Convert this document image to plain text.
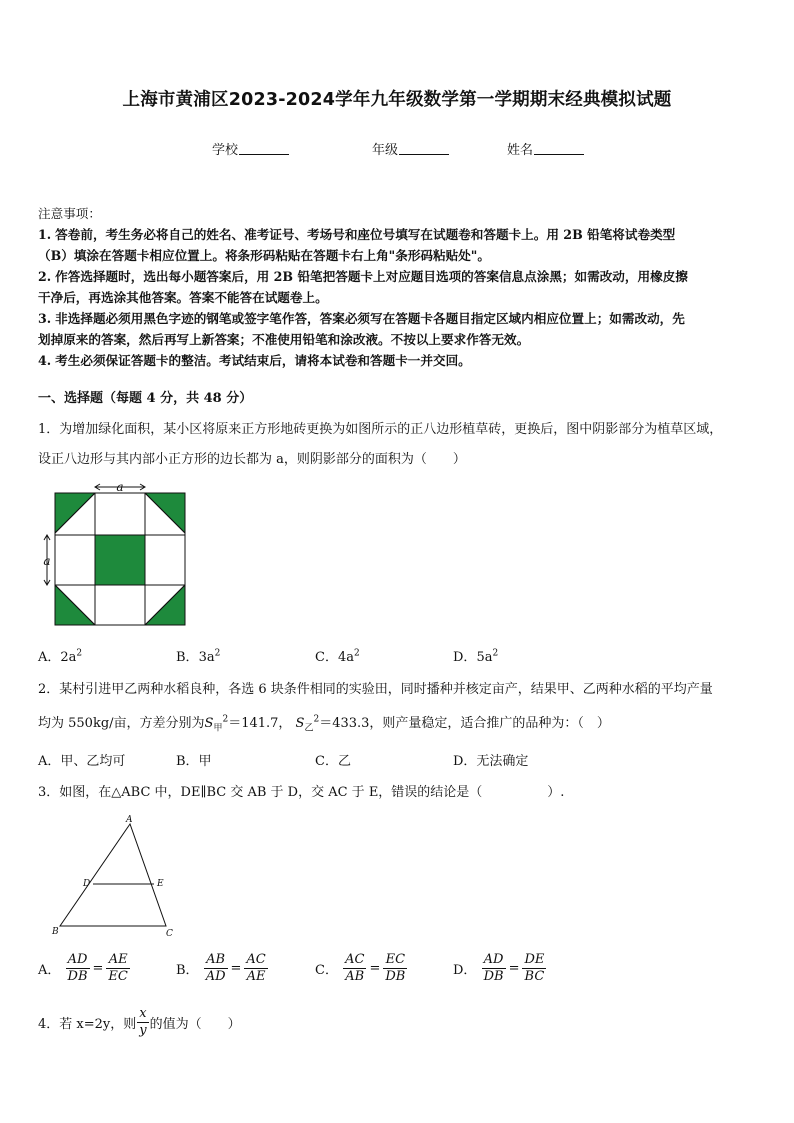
上海市黄浦区2023-2024学年九年级数学第一学期期末经典模拟试题
学校	年级	姓名
注意事项：
1. 答卷前，考生务必将自己的姓名、准考证号、考场号和座位号填写在试题卷和答题卡上。用 2B 铅笔将试卷类型
（B）填涂在答题卡相应位置上。将条形码粘贴在答题卡右上角"条形码粘贴处"。
2. 作答选择题时，选出每小题答案后，用 2B 铅笔把答题卡上对应题目选项的答案信息点涂黑；如需改动，用橡皮擦
干净后，再选涂其他答案。答案不能答在试题卷上。
3. 非选择题必须用黑色字迹的钢笔或签字笔作答，答案必须写在答题卡各题目指定区域内相应位置上；如需改动，先
划掉原来的答案，然后再写上新答案；不准使用铅笔和涂改液。不按以上要求作答无效。
4. 考生必须保证答题卡的整洁。考试结束后，请将本试卷和答题卡一并交回。
一、选择题（每题 4 分，共 48 分）
1．为增加绿化面积，某小区将原来正方形地砖更换为如图所示的正八边形植草砖，更换后，图中阴影部分为植草区域，
设正八边形与其内部小正方形的边长都为 a，则阴影部分的面积为（　　）
a
a
A．$2a^2$	B．$3a^2$	C．$4a^2$	D．$5a^2$
2．某村引进甲乙两种水稻良种，各选 6 块条件相同的实验田，同时播种并核定亩产，结果甲、乙两种水稻的平均产量
均为 550kg/亩，方差分别为$S_甲^2=141.7$， $S_乙^2=433.3$，则产量稳定，适合推广的品种为：（　）
A．甲、乙均可	B．甲	C．乙	D．无法确定
3．如图，在△ABC 中，DE∥BC 交 AB 于 D，交 AC 于 E，错误的结论是（　　　　　）.
A
B	C
D	E
A． $\frac{AD}{DB} = \frac{AE}{EC}$	B． $\frac{AB}{AD} = \frac{AC}{AE}$	C． $\frac{AC}{AB} = \frac{EC}{DB}$	D． $\frac{AD}{DB} = \frac{DE}{BC}$
4．若 x=2y，则 $\frac{x}{y}$ 的值为（　　）
